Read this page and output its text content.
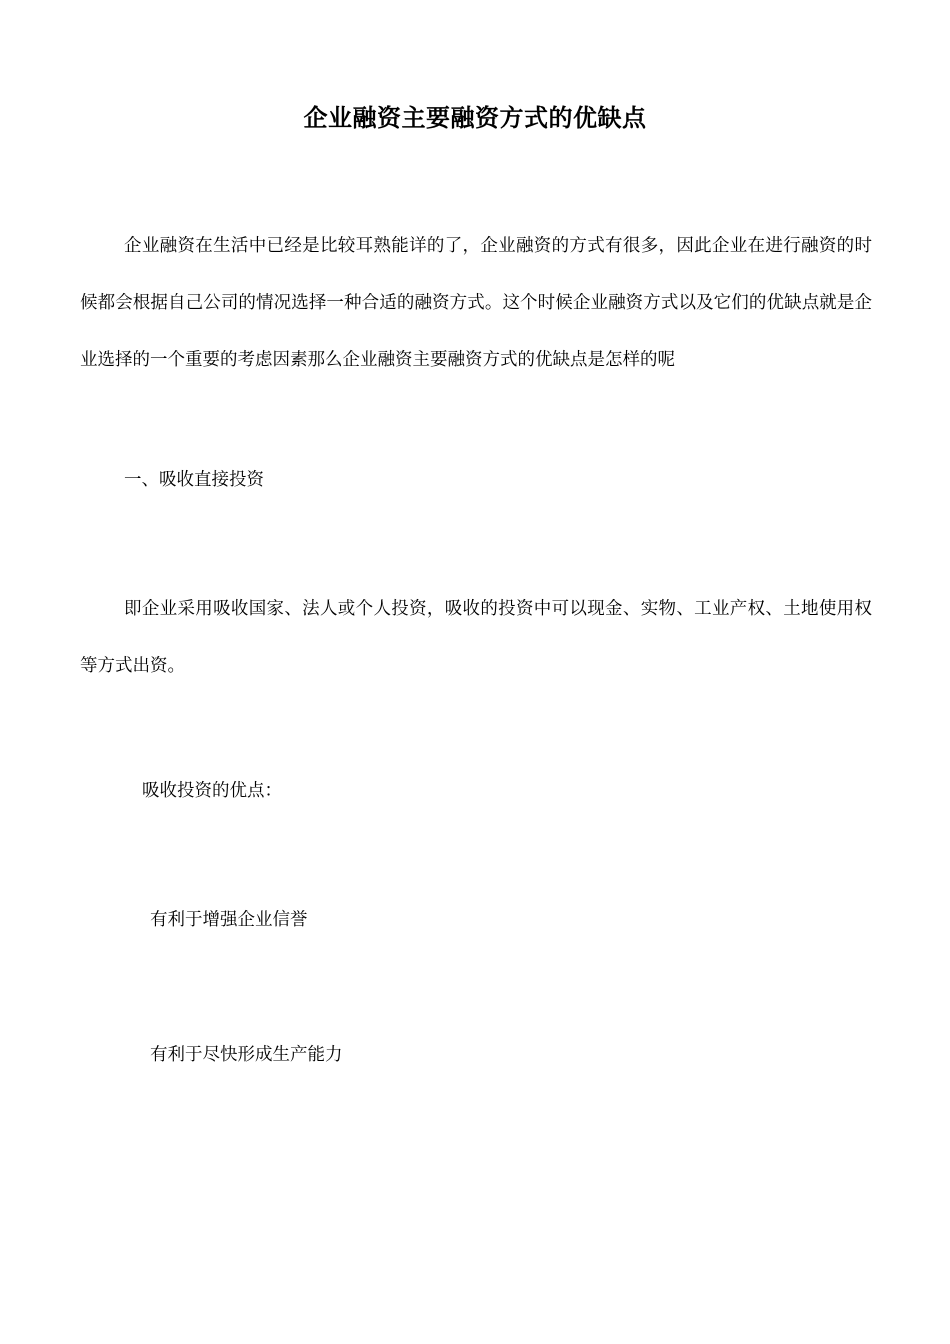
企业融资主要融资方式的优缺点
企业融资在生活中已经是比较耳熟能详的了，企业融资的方式有很多，因此企业在进行融资的时候都会根据自己公司的情况选择一种合适的融资方式。这个时候企业融资方式以及它们的优缺点就是企业选择的一个重要的考虑因素那么企业融资主要融资方式的优缺点是怎样的呢
一、吸收直接投资
即企业采用吸收国家、法人或个人投资，吸收的投资中可以现金、实物、工业产权、土地使用权等方式出资。
吸收投资的优点：
有利于增强企业信誉
有利于尽快形成生产能力
